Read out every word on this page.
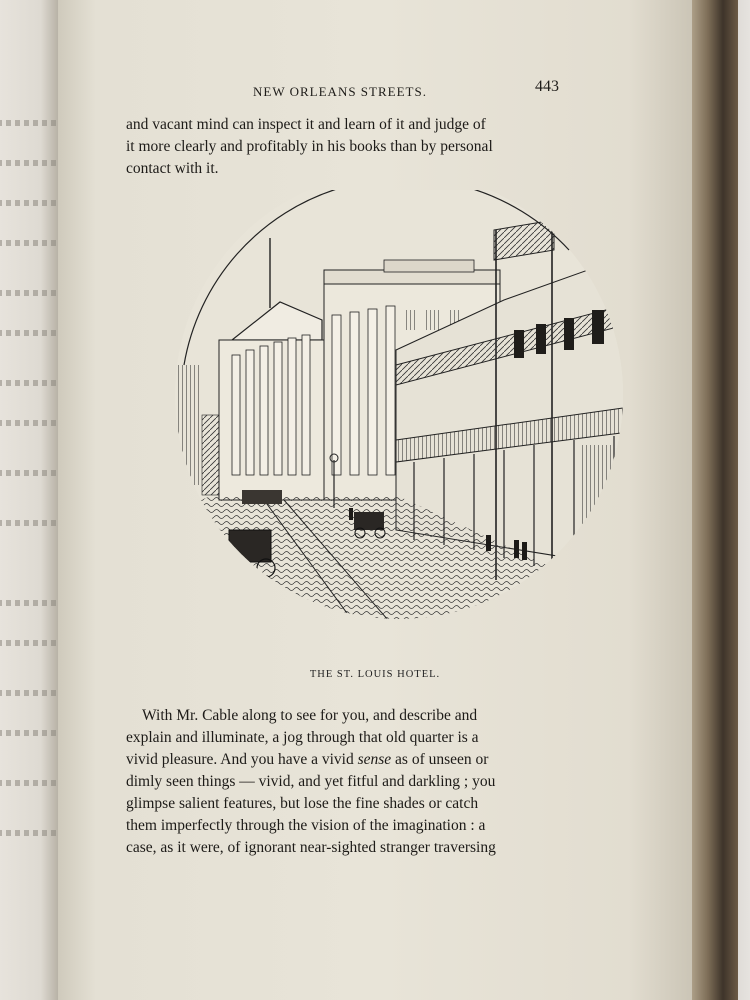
NEW ORLEANS STREETS.	443
and vacant mind can inspect it and learn of it and judge of
it more clearly and profitably in his books than by personal
contact with it.
THE ST. LOUIS HOTEL.
With Mr. Cable along to see for you, and describe and
explain and illuminate, a jog through that old quarter is a
vivid pleasure. And you have a vivid sense as of unseen or
dimly seen things — vivid, and yet fitful and darkling ; you
glimpse salient features, but lose the fine shades or catch
them imperfectly through the vision of the imagination : a
case, as it were, of ignorant near-sighted stranger traversing
